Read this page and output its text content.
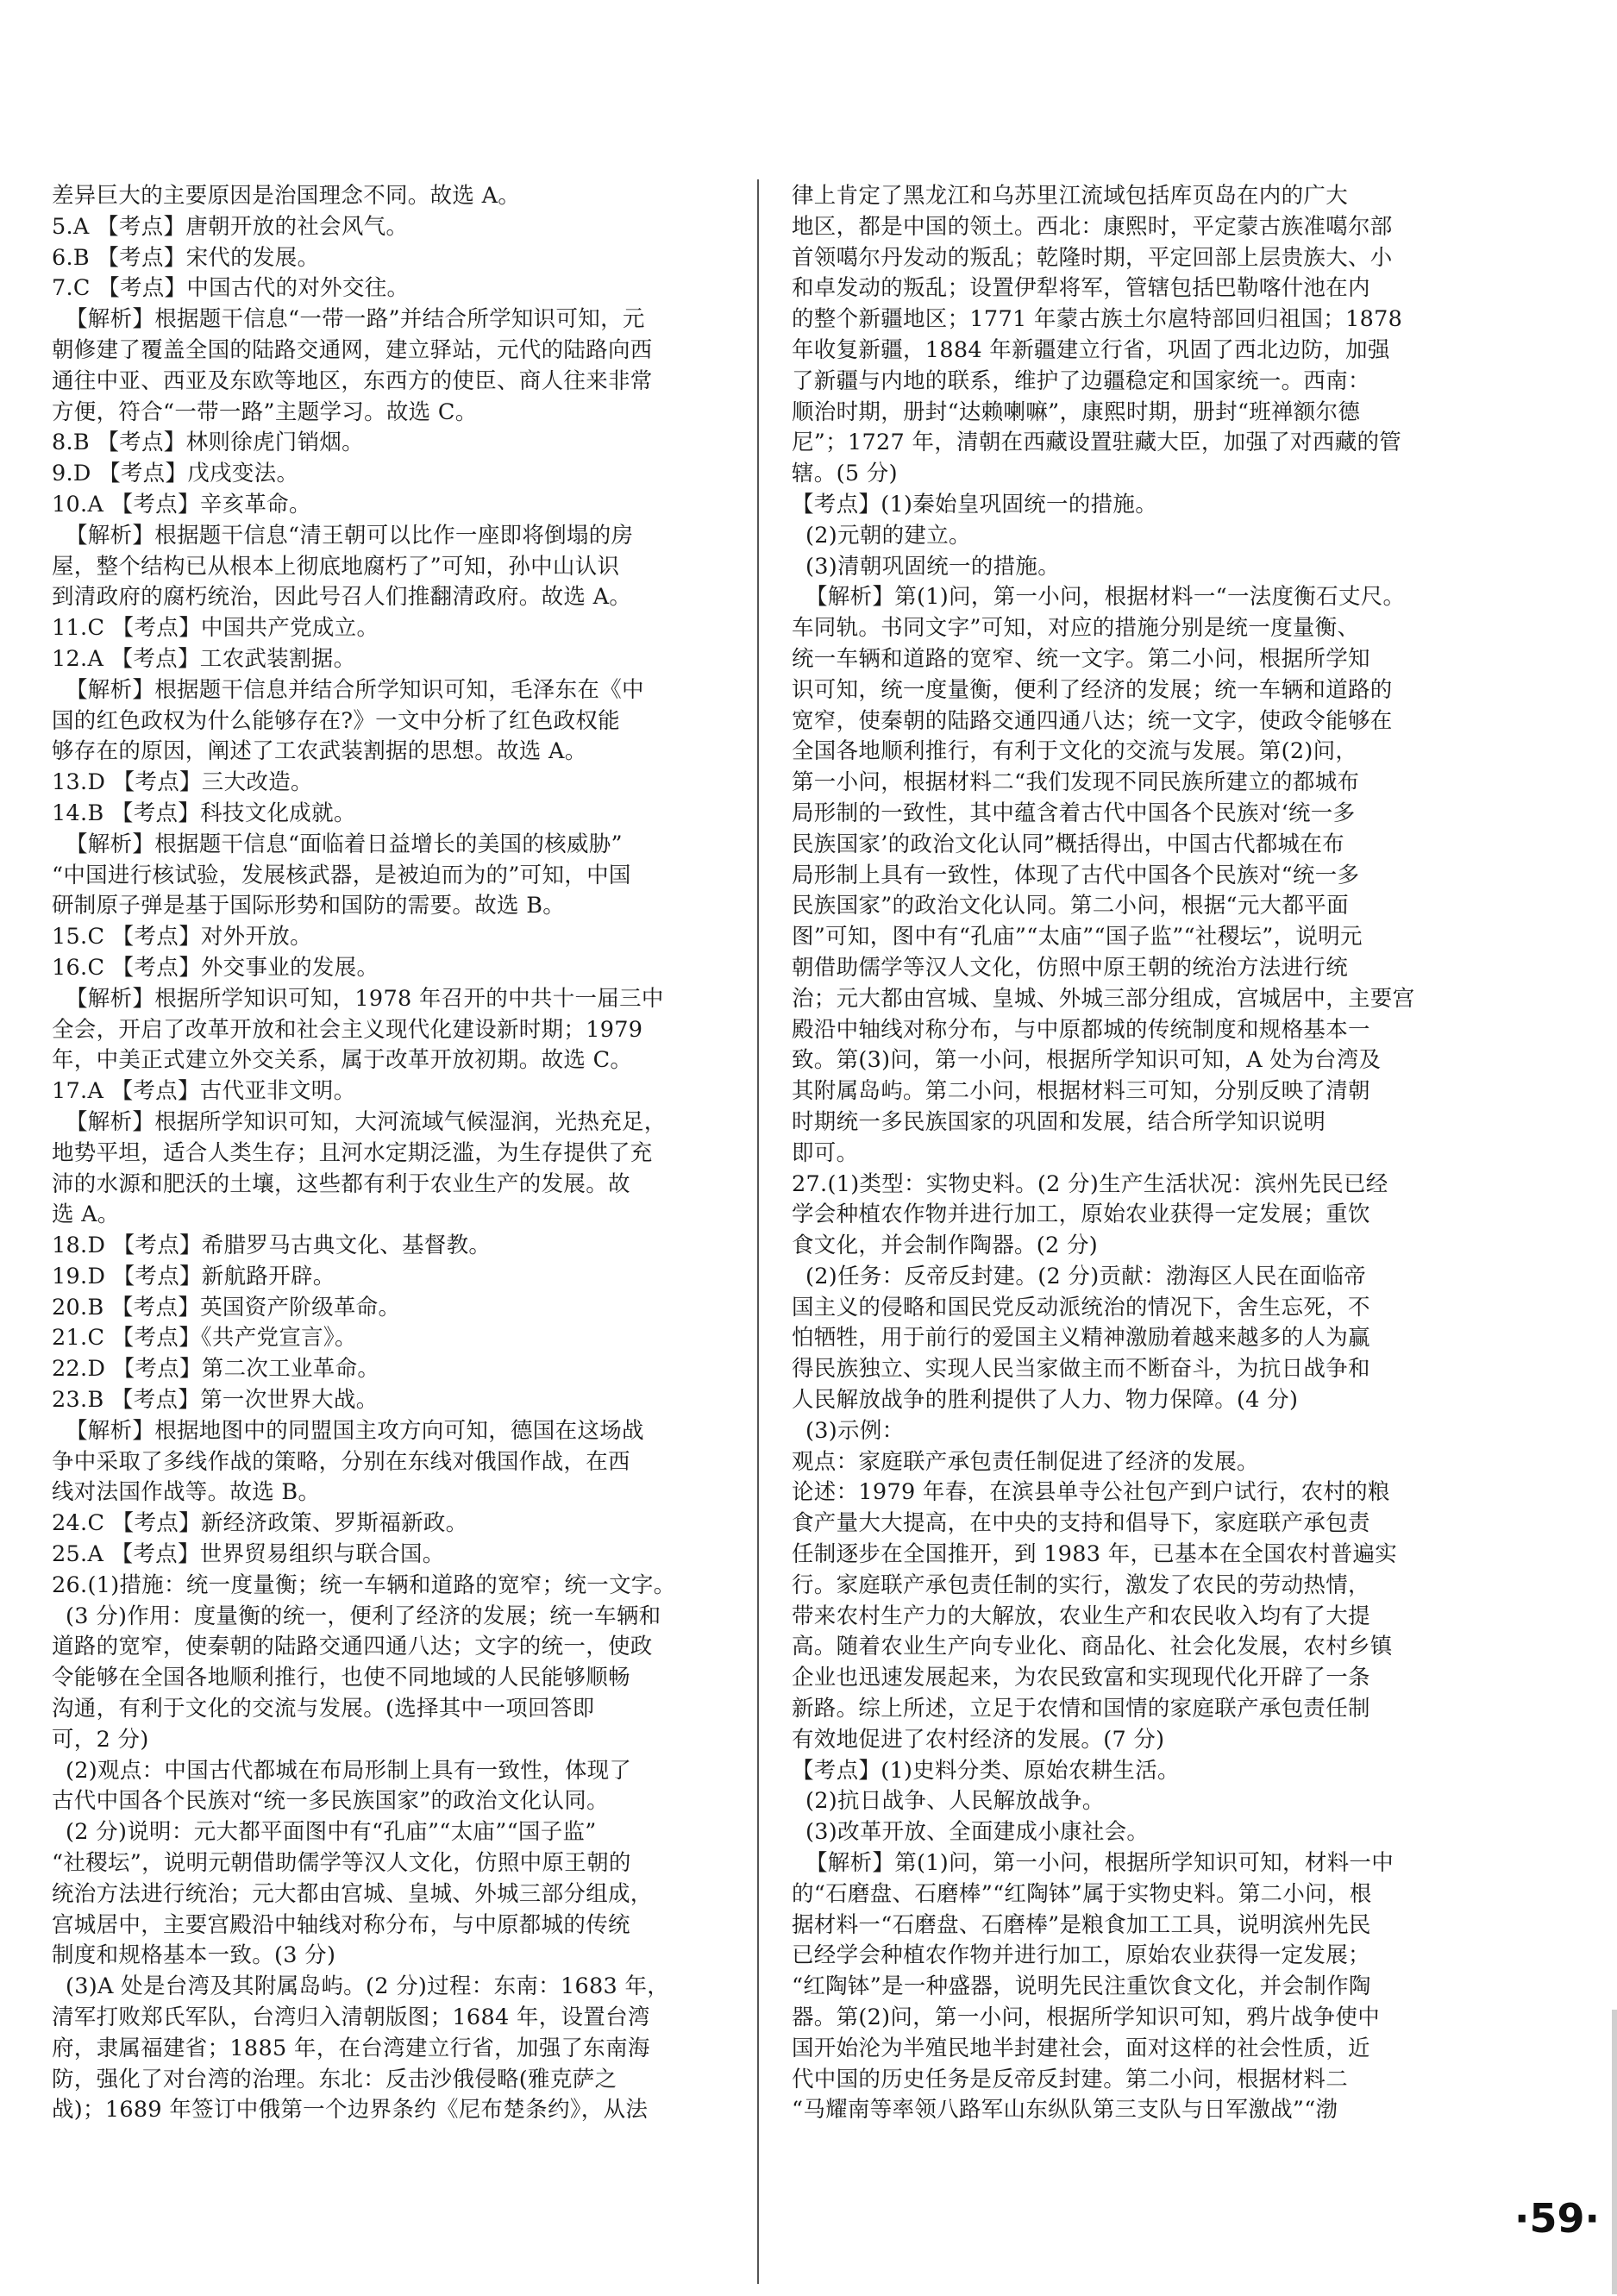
差异巨大的主要原因是治国理念不同。故选 A。
5.A 【考点】唐朝开放的社会风气。
6.B 【考点】宋代的发展。
7.C 【考点】中国古代的对外交往。
【解析】根据题干信息“一带一路”并结合所学知识可知，元
朝修建了覆盖全国的陆路交通网，建立驿站，元代的陆路向西
通往中亚、西亚及东欧等地区，东西方的使臣、商人往来非常
方便，符合“一带一路”主题学习。故选 C。
8.B 【考点】林则徐虎门销烟。
9.D 【考点】戊戌变法。
10.A 【考点】辛亥革命。
【解析】根据题干信息“清王朝可以比作一座即将倒塌的房
屋，整个结构已从根本上彻底地腐朽了”可知，孙中山认识
到清政府的腐朽统治，因此号召人们推翻清政府。故选 A。
11.C 【考点】中国共产党成立。
12.A 【考点】工农武装割据。
【解析】根据题干信息并结合所学知识可知，毛泽东在《中
国的红色政权为什么能够存在?》一文中分析了红色政权能
够存在的原因，阐述了工农武装割据的思想。故选 A。
13.D 【考点】三大改造。
14.B 【考点】科技文化成就。
【解析】根据题干信息“面临着日益增长的美国的核威胁”
“中国进行核试验，发展核武器，是被迫而为的”可知，中国
研制原子弹是基于国际形势和国防的需要。故选 B。
15.C 【考点】对外开放。
16.C 【考点】外交事业的发展。
【解析】根据所学知识可知，1978 年召开的中共十一届三中
全会，开启了改革开放和社会主义现代化建设新时期；1979
年，中美正式建立外交关系，属于改革开放初期。故选 C。
17.A 【考点】古代亚非文明。
【解析】根据所学知识可知，大河流域气候湿润，光热充足，
地势平坦，适合人类生存；且河水定期泛滥，为生存提供了充
沛的水源和肥沃的土壤，这些都有利于农业生产的发展。故
选 A。
18.D 【考点】希腊罗马古典文化、基督教。
19.D 【考点】新航路开辟。
20.B 【考点】英国资产阶级革命。
21.C 【考点】《共产党宣言》。
22.D 【考点】第二次工业革命。
23.B 【考点】第一次世界大战。
【解析】根据地图中的同盟国主攻方向可知，德国在这场战
争中采取了多线作战的策略，分别在东线对俄国作战，在西
线对法国作战等。故选 B。
24.C 【考点】新经济政策、罗斯福新政。
25.A 【考点】世界贸易组织与联合国。
26.(1)措施：统一度量衡；统一车辆和道路的宽窄；统一文字。
(3 分)作用：度量衡的统一，便利了经济的发展；统一车辆和
道路的宽窄，使秦朝的陆路交通四通八达；文字的统一，使政
令能够在全国各地顺利推行，也使不同地域的人民能够顺畅
沟通，有利于文化的交流与发展。(选择其中一项回答即
可，2 分)
(2)观点：中国古代都城在布局形制上具有一致性，体现了
古代中国各个民族对“统一多民族国家”的政治文化认同。
(2 分)说明：元大都平面图中有“孔庙”“太庙”“国子监”
“社稷坛”，说明元朝借助儒学等汉人文化，仿照中原王朝的
统治方法进行统治；元大都由宫城、皇城、外城三部分组成，
宫城居中，主要宫殿沿中轴线对称分布，与中原都城的传统
制度和规格基本一致。(3 分)
(3)A 处是台湾及其附属岛屿。(2 分)过程：东南：1683 年，
清军打败郑氏军队，台湾归入清朝版图；1684 年，设置台湾
府，隶属福建省；1885 年，在台湾建立行省，加强了东南海
防，强化了对台湾的治理。东北：反击沙俄侵略(雅克萨之
战)；1689 年签订中俄第一个边界条约《尼布楚条约》，从法
律上肯定了黑龙江和乌苏里江流域包括库页岛在内的广大
地区，都是中国的领土。西北：康熙时，平定蒙古族准噶尔部
首领噶尔丹发动的叛乱；乾隆时期，平定回部上层贵族大、小
和卓发动的叛乱；设置伊犁将军，管辖包括巴勒喀什池在内
的整个新疆地区；1771 年蒙古族土尔扈特部回归祖国；1878
年收复新疆，1884 年新疆建立行省，巩固了西北边防，加强
了新疆与内地的联系，维护了边疆稳定和国家统一。西南：
顺治时期，册封“达赖喇嘛”，康熙时期，册封“班禅额尔德
尼”；1727 年，清朝在西藏设置驻藏大臣，加强了对西藏的管
辖。(5 分)
【考点】(1)秦始皇巩固统一的措施。
(2)元朝的建立。
(3)清朝巩固统一的措施。
【解析】第(1)问，第一小问，根据材料一“一法度衡石丈尺。
车同轨。书同文字”可知，对应的措施分别是统一度量衡、
统一车辆和道路的宽窄、统一文字。第二小问，根据所学知
识可知，统一度量衡，便利了经济的发展；统一车辆和道路的
宽窄，使秦朝的陆路交通四通八达；统一文字，使政令能够在
全国各地顺利推行，有利于文化的交流与发展。第(2)问，
第一小问，根据材料二“我们发现不同民族所建立的都城布
局形制的一致性，其中蕴含着古代中国各个民族对‘统一多
民族国家’的政治文化认同”概括得出，中国古代都城在布
局形制上具有一致性，体现了古代中国各个民族对“统一多
民族国家”的政治文化认同。第二小问，根据“元大都平面
图”可知，图中有“孔庙”“太庙”“国子监”“社稷坛”，说明元
朝借助儒学等汉人文化，仿照中原王朝的统治方法进行统
治；元大都由宫城、皇城、外城三部分组成，宫城居中，主要宫
殿沿中轴线对称分布，与中原都城的传统制度和规格基本一
致。第(3)问，第一小问，根据所学知识可知，A 处为台湾及
其附属岛屿。第二小问，根据材料三可知，分别反映了清朝
时期统一多民族国家的巩固和发展，结合所学知识说明
即可。
27.(1)类型：实物史料。(2 分)生产生活状况：滨州先民已经
学会种植农作物并进行加工，原始农业获得一定发展；重饮
食文化，并会制作陶器。(2 分)
(2)任务：反帝反封建。(2 分)贡献：渤海区人民在面临帝
国主义的侵略和国民党反动派统治的情况下，舍生忘死，不
怕牺牲，用于前行的爱国主义精神激励着越来越多的人为赢
得民族独立、实现人民当家做主而不断奋斗，为抗日战争和
人民解放战争的胜利提供了人力、物力保障。(4 分)
(3)示例：
观点：家庭联产承包责任制促进了经济的发展。
论述：1979 年春，在滨县单寺公社包产到户试行，农村的粮
食产量大大提高，在中央的支持和倡导下，家庭联产承包责
任制逐步在全国推开，到 1983 年，已基本在全国农村普遍实
行。家庭联产承包责任制的实行，激发了农民的劳动热情，
带来农村生产力的大解放，农业生产和农民收入均有了大提
高。随着农业生产向专业化、商品化、社会化发展，农村乡镇
企业也迅速发展起来，为农民致富和实现现代化开辟了一条
新路。综上所述，立足于农情和国情的家庭联产承包责任制
有效地促进了农村经济的发展。(7 分)
【考点】(1)史料分类、原始农耕生活。
(2)抗日战争、人民解放战争。
(3)改革开放、全面建成小康社会。
【解析】第(1)问，第一小问，根据所学知识可知，材料一中
的“石磨盘、石磨棒”“红陶钵”属于实物史料。第二小问，根
据材料一“石磨盘、石磨棒”是粮食加工工具，说明滨州先民
已经学会种植农作物并进行加工，原始农业获得一定发展；
“红陶钵”是一种盛器，说明先民注重饮食文化，并会制作陶
器。第(2)问，第一小问，根据所学知识可知，鸦片战争使中
国开始沦为半殖民地半封建社会，面对这样的社会性质，近
代中国的历史任务是反帝反封建。第二小问，根据材料二
“马耀南等率领八路军山东纵队第三支队与日军激战”“渤
·59·
